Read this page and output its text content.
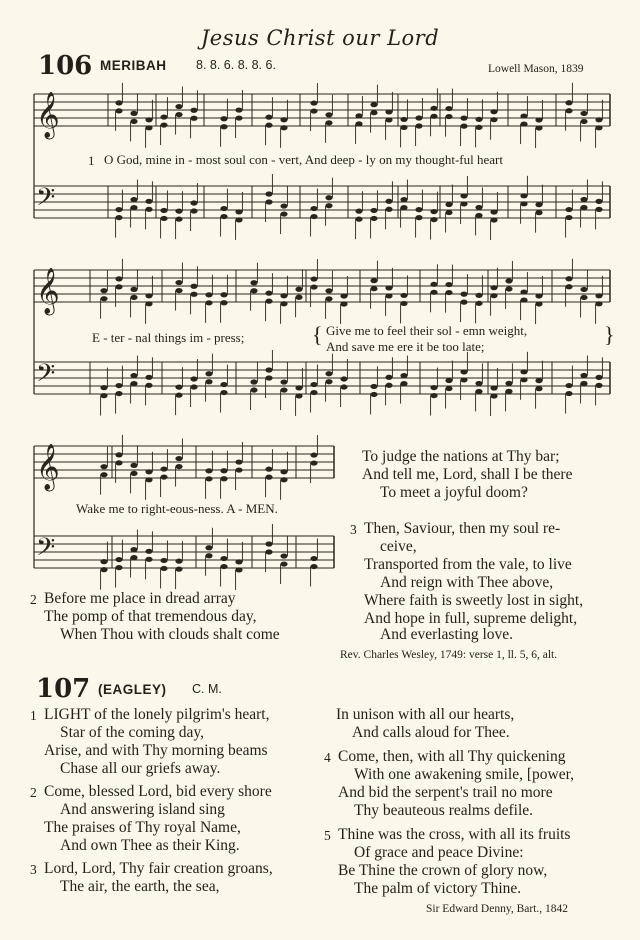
𝄞
𝄢
𝄞
𝄢
𝄞
𝄢
Jesus Christ our Lord
106 MERIBAH 8. 8. 6. 8. 8. 6.	Lowell Mason, 1839
1 O God, mine in - most soul con - vert, And deep - ly on my thought-ful heart
E - ter - nal things im - press;	{ Give me to feel their sol - emn weight,
And save me ere it be too late;	}
Wake me to right-eous-ness. A - MEN.
2 Before me place in dread array
The pomp of that tremendous day,
When Thou with clouds shalt come
To judge the nations at Thy bar;
And tell me, Lord, shall I be there
To meet a joyful doom?
3 Then, Saviour, then my soul re-
ceive,
Transported from the vale, to live
And reign with Thee above,
Where faith is sweetly lost in sight,
And hope in full, supreme delight,
And everlasting love.
Rev. Charles Wesley, 1749: verse 1, ll. 5, 6, alt.
107 (EAGLEY) C. M.
1 LIGHT of the lonely pilgrim's heart,
Star of the coming day,
Arise, and with Thy morning beams
Chase all our griefs away.
2 Come, blessed Lord, bid every shore
And answering island sing
The praises of Thy royal Name,
And own Thee as their King.
3 Lord, Lord, Thy fair creation groans,
The air, the earth, the sea,
In unison with all our hearts,
And calls aloud for Thee.
4 Come, then, with all Thy quickening
With one awakening smile, [power,
And bid the serpent's trail no more
Thy beauteous realms defile.
5 Thine was the cross, with all its fruits
Of grace and peace Divine:
Be Thine the crown of glory now,
The palm of victory Thine.
Sir Edward Denny, Bart., 1842
